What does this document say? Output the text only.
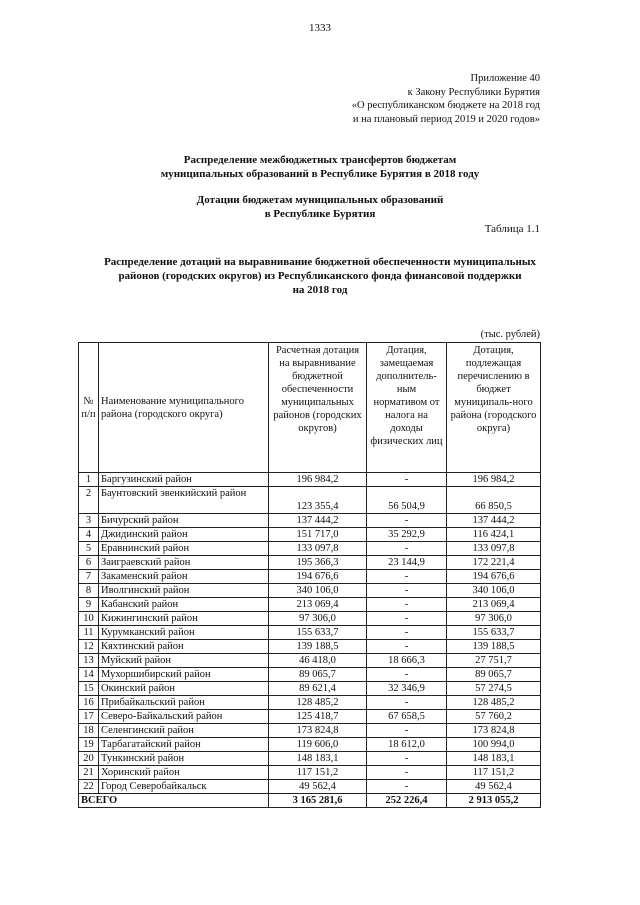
1333
Приложение 40
к Закону Республики Бурятия
«О республиканском бюджете на 2018 год
и на плановый период 2019 и 2020 годов»
Распределение межбюджетных трансфертов бюджетам
муниципальных образований в Республике Бурятия в 2018 году
Дотации бюджетам муниципальных образований
в Республике Бурятия
Таблица 1.1
Распределение дотаций на выравнивание бюджетной обеспеченности муниципальных
районов (городских округов) из Республиканского фонда финансовой поддержки
на 2018 год
(тыс. рублей)
№ п/п	Наименование муниципального района (городского округа)	Расчетная дотация на выравнивание бюджетной обеспеченности муниципальных районов (городских округов)	Дотация, замещаемая дополнитель-ным нормативом от налога на доходы физических лиц	Дотация, подлежащая перечислению в бюджет муниципаль-ного района (городского округа)
1	Баргузинский район	196 984,2	-	196 984,2
2	Баунтовский эвенкийский район	123 355,4	56 504,9	66 850,5
3	Бичурский район	137 444,2	-	137 444,2
4	Джидинский район	151 717,0	35 292,9	116 424,1
5	Еравнинский район	133 097,8	-	133 097,8
6	Заиграевский район	195 366,3	23 144,9	172 221,4
7	Закаменский район	194 676,6	-	194 676,6
8	Иволгинский район	340 106,0	-	340 106,0
9	Кабанский район	213 069,4	-	213 069,4
10	Кижингинский район	97 306,0	-	97 306,0
11	Курумканский район	155 633,7	-	155 633,7
12	Кяхтинский район	139 188,5	-	139 188,5
13	Муйский район	46 418,0	18 666,3	27 751,7
14	Мухоршибирский район	89 065,7	-	89 065,7
15	Окинский район	89 621,4	32 346,9	57 274,5
16	Прибайкальский район	128 485,2	-	128 485,2
17	Северо-Байкальский район	125 418,7	67 658,5	57 760,2
18	Селенгинский район	173 824,8	-	173 824,8
19	Тарбагатайский район	119 606,0	18 612,0	100 994,0
20	Тункинский район	148 183,1	-	148 183,1
21	Хоринский район	117 151,2	-	117 151,2
22	Город Северобайкальск	49 562,4	-	49 562,4
ВСЕГО		3 165 281,6	252 226,4	2 913 055,2
